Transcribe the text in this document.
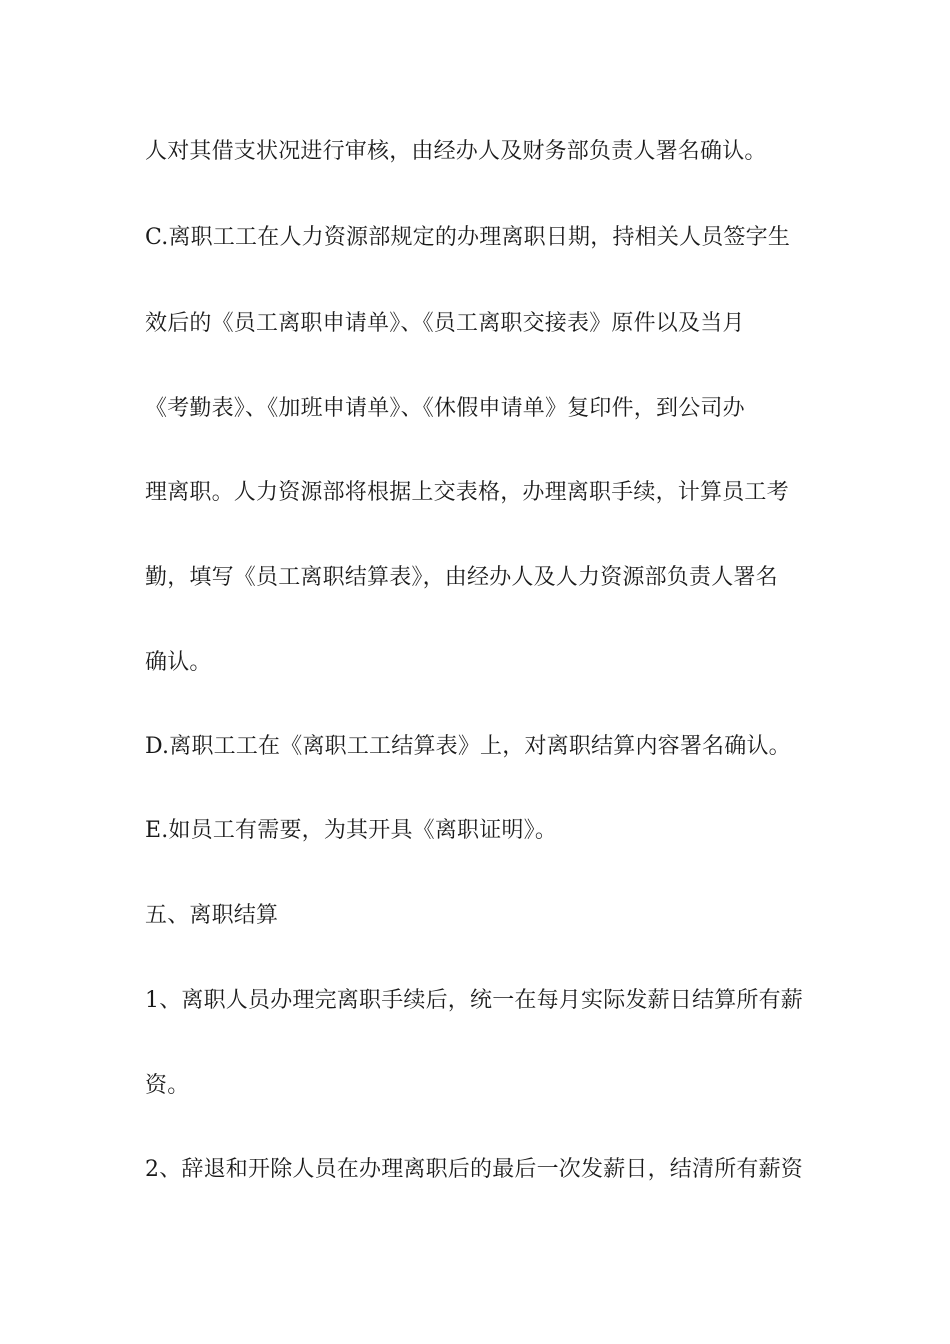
人对其借支状况进行审核，由经办人及财务部负责人署名确认。
C.离职工工在人力资源部规定的办理离职日期，持相关人员签字生
效后的《员工离职申请单》、《员工离职交接表》原件以及当月
《考勤表》、《加班申请单》、《休假申请单》复印件，到公司办
理离职。人力资源部将根据上交表格，办理离职手续，计算员工考
勤，填写《员工离职结算表》，由经办人及人力资源部负责人署名
确认。
D.离职工工在《离职工工结算表》上，对离职结算内容署名确认。
E.如员工有需要，为其开具《离职证明》。
五、离职结算
1、离职人员办理完离职手续后，统一在每月实际发薪日结算所有薪
资。
2、辞退和开除人员在办理离职后的最后一次发薪日，结清所有薪资
